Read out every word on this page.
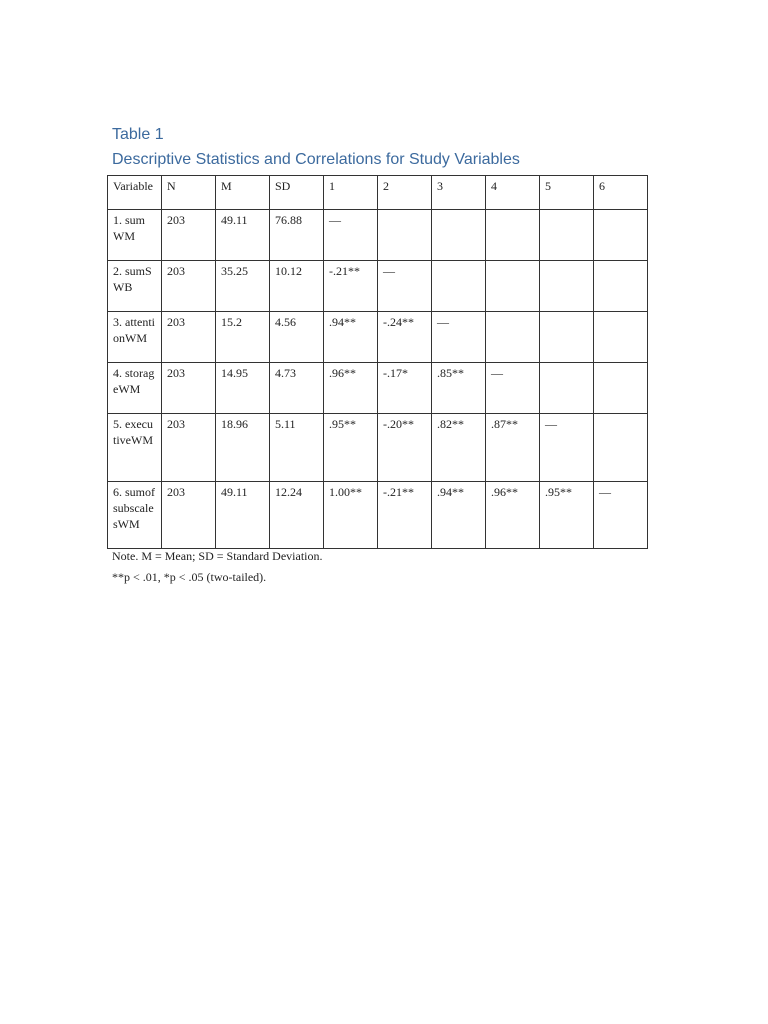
Table 1

Descriptive Statistics and Correlations for Study Variables

Variable	N	M	SD	1	2	3	4	5	6
1. sumWM	203	49.11	76.88	—					
2. sumSWB	203	35.25	10.12	-.21**	—				
3. attentionWM	203	15.2	4.56	.94**	-.24**	—			
4. storageWM	203	14.95	4.73	.96**	-.17*	.85**	—		
5. executiveWM	203	18.96	5.11	.95**	-.20**	.82**	.87**	—	
6. sumofsubscalesWM	203	49.11	12.24	1.00**	-.21**	.94**	.96**	.95**	—

Note. M = Mean; SD = Standard Deviation.

**p < .01, *p < .05 (two-tailed).
